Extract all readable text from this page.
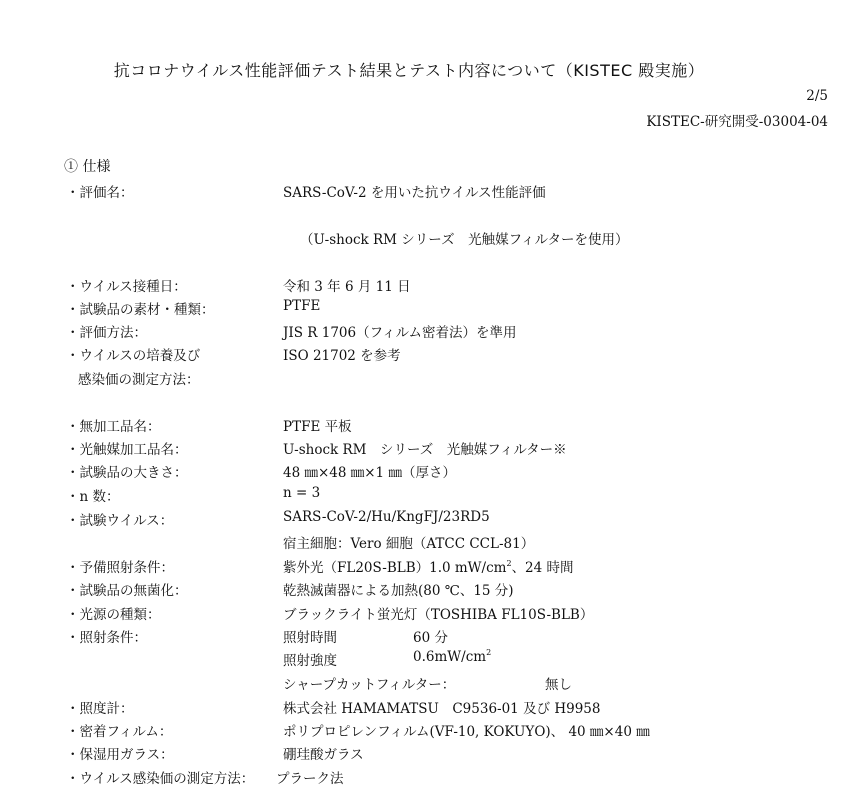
抗コロナウイルス性能評価テスト結果とテスト内容について（KISTEC 殿実施）
2/5
KISTEC-研究開受-03004-04
① 仕様
・評価名：	SARS-CoV-2 を用いた抗ウイルス性能評価
（U-shock RM シリーズ　光触媒フィルターを使用）
・ウイルス接種日：	令和 3 年 6 月 11 日
・試験品の素材・種類：	PTFE
・評価方法：	JIS R 1706（フィルム密着法）を準用
・ウイルスの培養及び	ISO 21702 を参考
感染価の測定方法：
・無加工品名：	PTFE 平板
・光触媒加工品名：	U-shock RM　シリーズ　光触媒フィルター※
・試験品の大きさ：	48 ㎜×48 ㎜×1 ㎜（厚さ）
・n 数：	n = 3
・試験ウイルス：	SARS-CoV-2/Hu/KngFJ/23RD5
宿主細胞：Vero 細胞（ATCC CCL-81）
・予備照射条件：	紫外光（FL20S-BLB）1.0 $mW/cm^2$、24 時間
・試験品の無菌化：	乾熱滅菌器による加熱(80 ℃、15 分)
・光源の種類：	ブラックライト蛍光灯（TOSHIBA FL10S-BLB）
・照射条件：	照射時間	60 分
照射強度	$0.6mW/cm^2$
シャープカットフィルター：	無し
・照度計：	株式会社 HAMAMATSU　C9536-01 及び H9958
・密着フィルム：	ポリプロピレンフィルム(VF-10, KOKUYO)、 40 ㎜×40 ㎜
・保湿用ガラス：	硼珪酸ガラス
・ウイルス感染価の測定方法： プラーク法
